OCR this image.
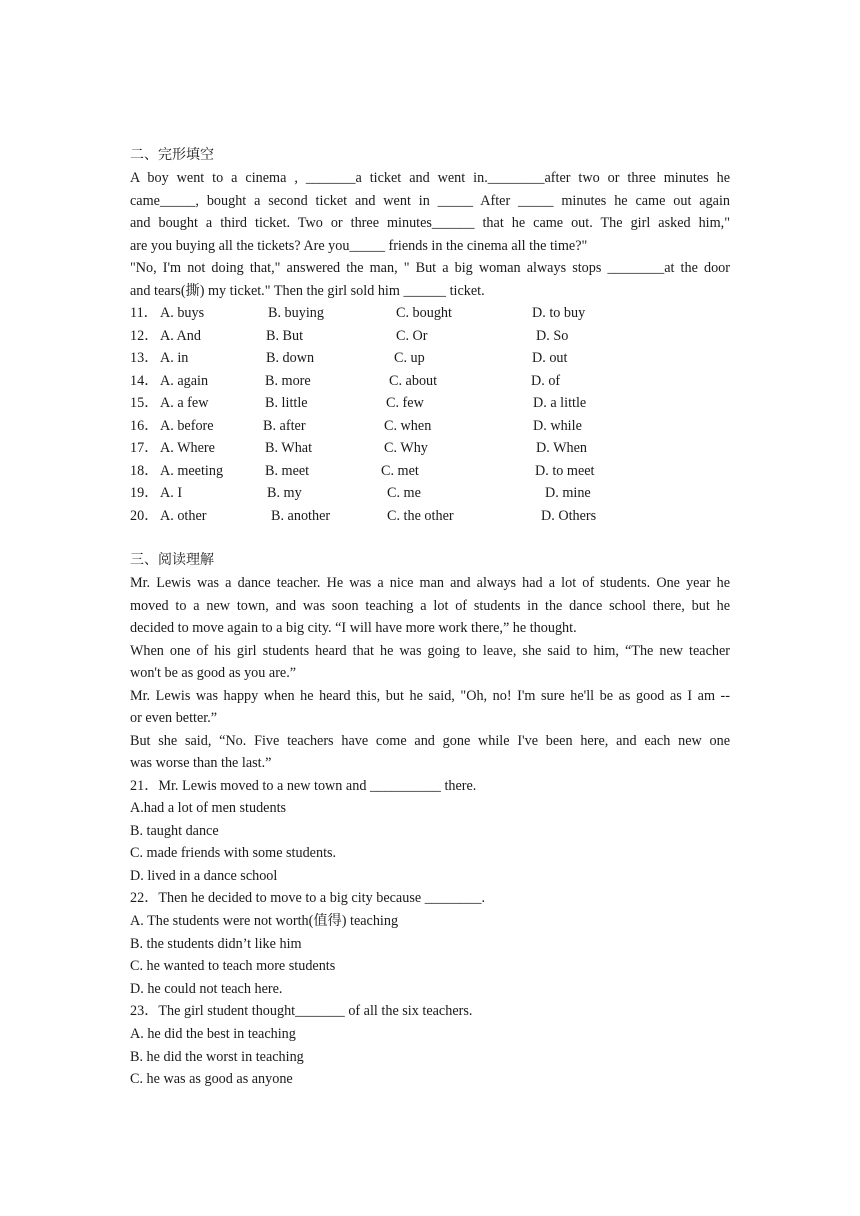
二、完形填空
A boy went to a cinema , _______a ticket and went in.________after two or three minutes he
came_____, bought a second ticket and went in _____ After _____ minutes he came out again
and bought a third ticket. Two or three minutes______ that he came out. The girl asked him,"
are you buying all the tickets? Are you_____ friends in the cinema all the time?"
"No, I'm not doing that," answered the man, " But a big woman always stops ________at the door
and tears(撕) my ticket." Then the girl sold him ______ ticket.
11． A. buys	B. buying	C. bought	D. to buy
12． A. And	B. But	C. Or	D. So
13． A. in	B. down	C. up	D. out
14． A. again	B. more	C. about	D. of
15． A. a few	B. little	C. few	D. a little
16． A. before	B. after	C. when	D. while
17． A. Where	B. What	C. Why	D. When
18． A. meeting	B. meet	C. met	D. to meet
19． A. I	B. my	C. me	D. mine
20． A. other	B. another	C. the other	D. Others
三、阅读理解
Mr. Lewis was a dance teacher. He was a nice man and always had a lot of students. One year he
moved to a new town, and was soon teaching a lot of students in the dance school there, but he
decided to move again to a big city. “I will have more work there,” he thought.
When one of his girl students heard that he was going to leave, she said to him, “The new teacher
won't be as good as you are.”
Mr. Lewis was happy when he heard this, but he said, "Oh, no! I'm sure he'll be as good as I am --
or even better.”
But she said, “No. Five teachers have come and gone while I've been here, and each new one
was worse than the last.”
21．Mr. Lewis moved to a new town and __________ there.
A.had a lot of men students
B. taught dance
C. made friends with some students.
D. lived in a dance school
22．Then he decided to move to a big city because ________.
A. The students were not worth(值得) teaching
B. the students didn’t like him
C. he wanted to teach more students
D. he could not teach here.
23．The girl student thought_______ of all the six teachers.
A. he did the best in teaching
B. he did the worst in teaching
C. he was as good as anyone
